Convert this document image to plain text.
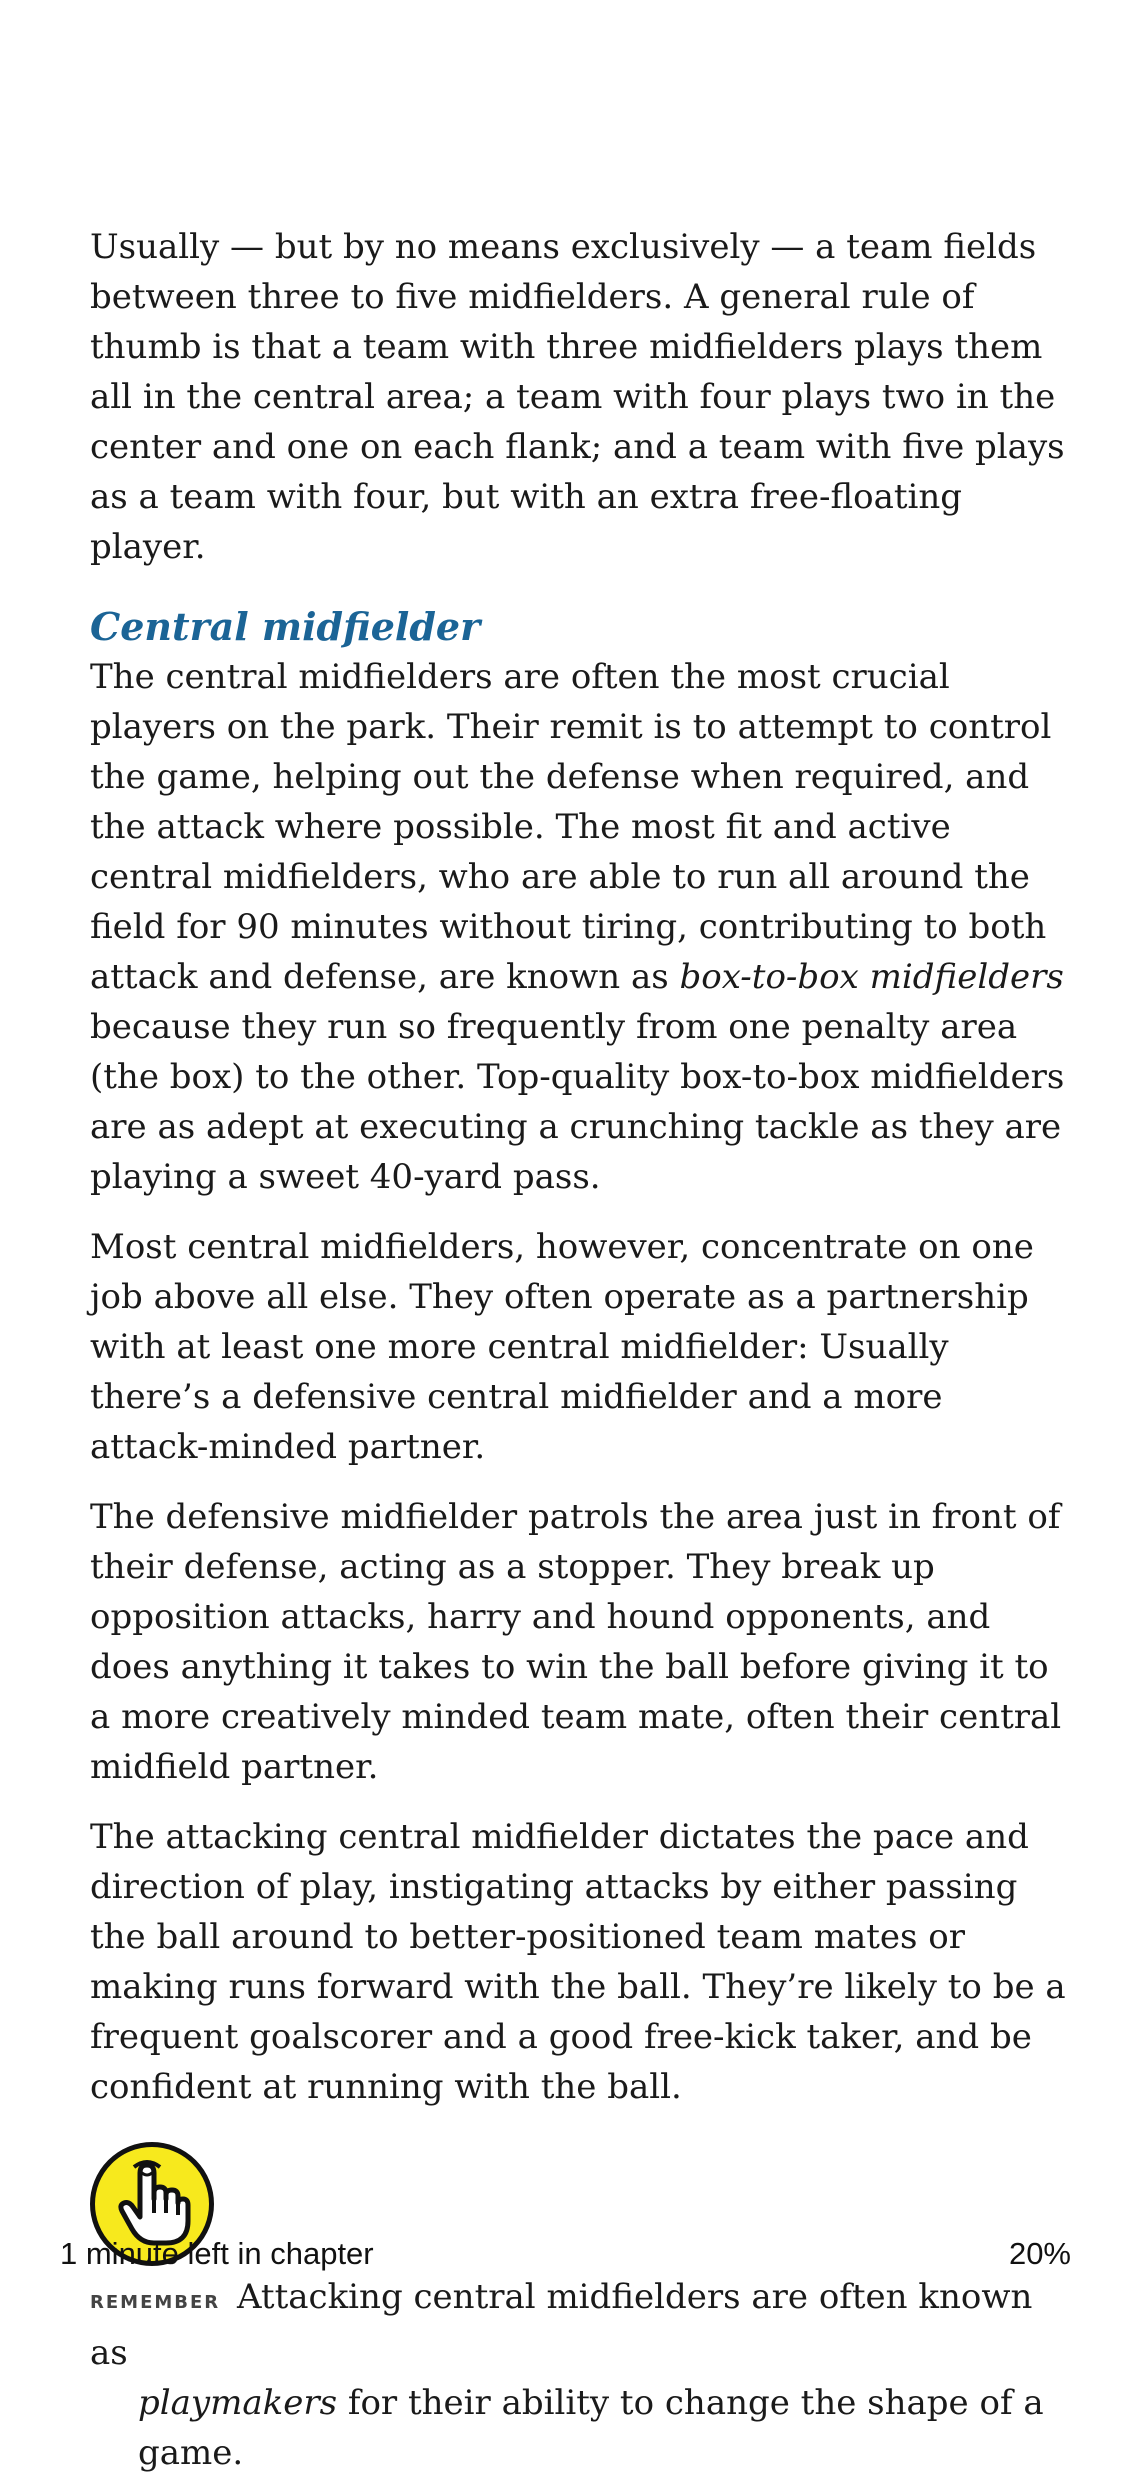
Usually — but by no means exclusively — a team fields between three to five midfielders. A general rule of thumb is that a team with three midfielders plays them all in the central area; a team with four plays two in the center and one on each flank; and a team with five plays as a team with four, but with an extra free-floating player.

Central midfielder

The central midfielders are often the most crucial players on the park. Their remit is to attempt to control the game, helping out the defense when required, and the attack where possible. The most fit and active central midfielders, who are able to run all around the field for 90 minutes without tiring, contributing to both attack and defense, are known as box-to-box midfielders because they run so frequently from one penalty area (the box) to the other. Top-quality box-to-box midfielders are as adept at executing a crunching tackle as they are playing a sweet 40-yard pass.

Most central midfielders, however, concentrate on one job above all else. They often operate as a partnership with at least one more central midfielder: Usually there’s a defensive central midfielder and a more attack-minded partner.

The defensive midfielder patrols the area just in front of their defense, acting as a stopper. They break up opposition attacks, harry and hound opponents, and does anything it takes to win the ball before giving it to a more creatively minded team mate, often their central midfield partner.

The attacking central midfielder dictates the pace and direction of play, instigating attacks by either passing the ball around to better-positioned team mates or making runs forward with the ball. They’re likely to be a frequent goalscorer and a good free-kick taker, and be confident at running with the ball.

REMEMBER Attacking central midfielders are often known as
playmakers for their ability to change the shape of a game.
1 minute left in chapter	20%
